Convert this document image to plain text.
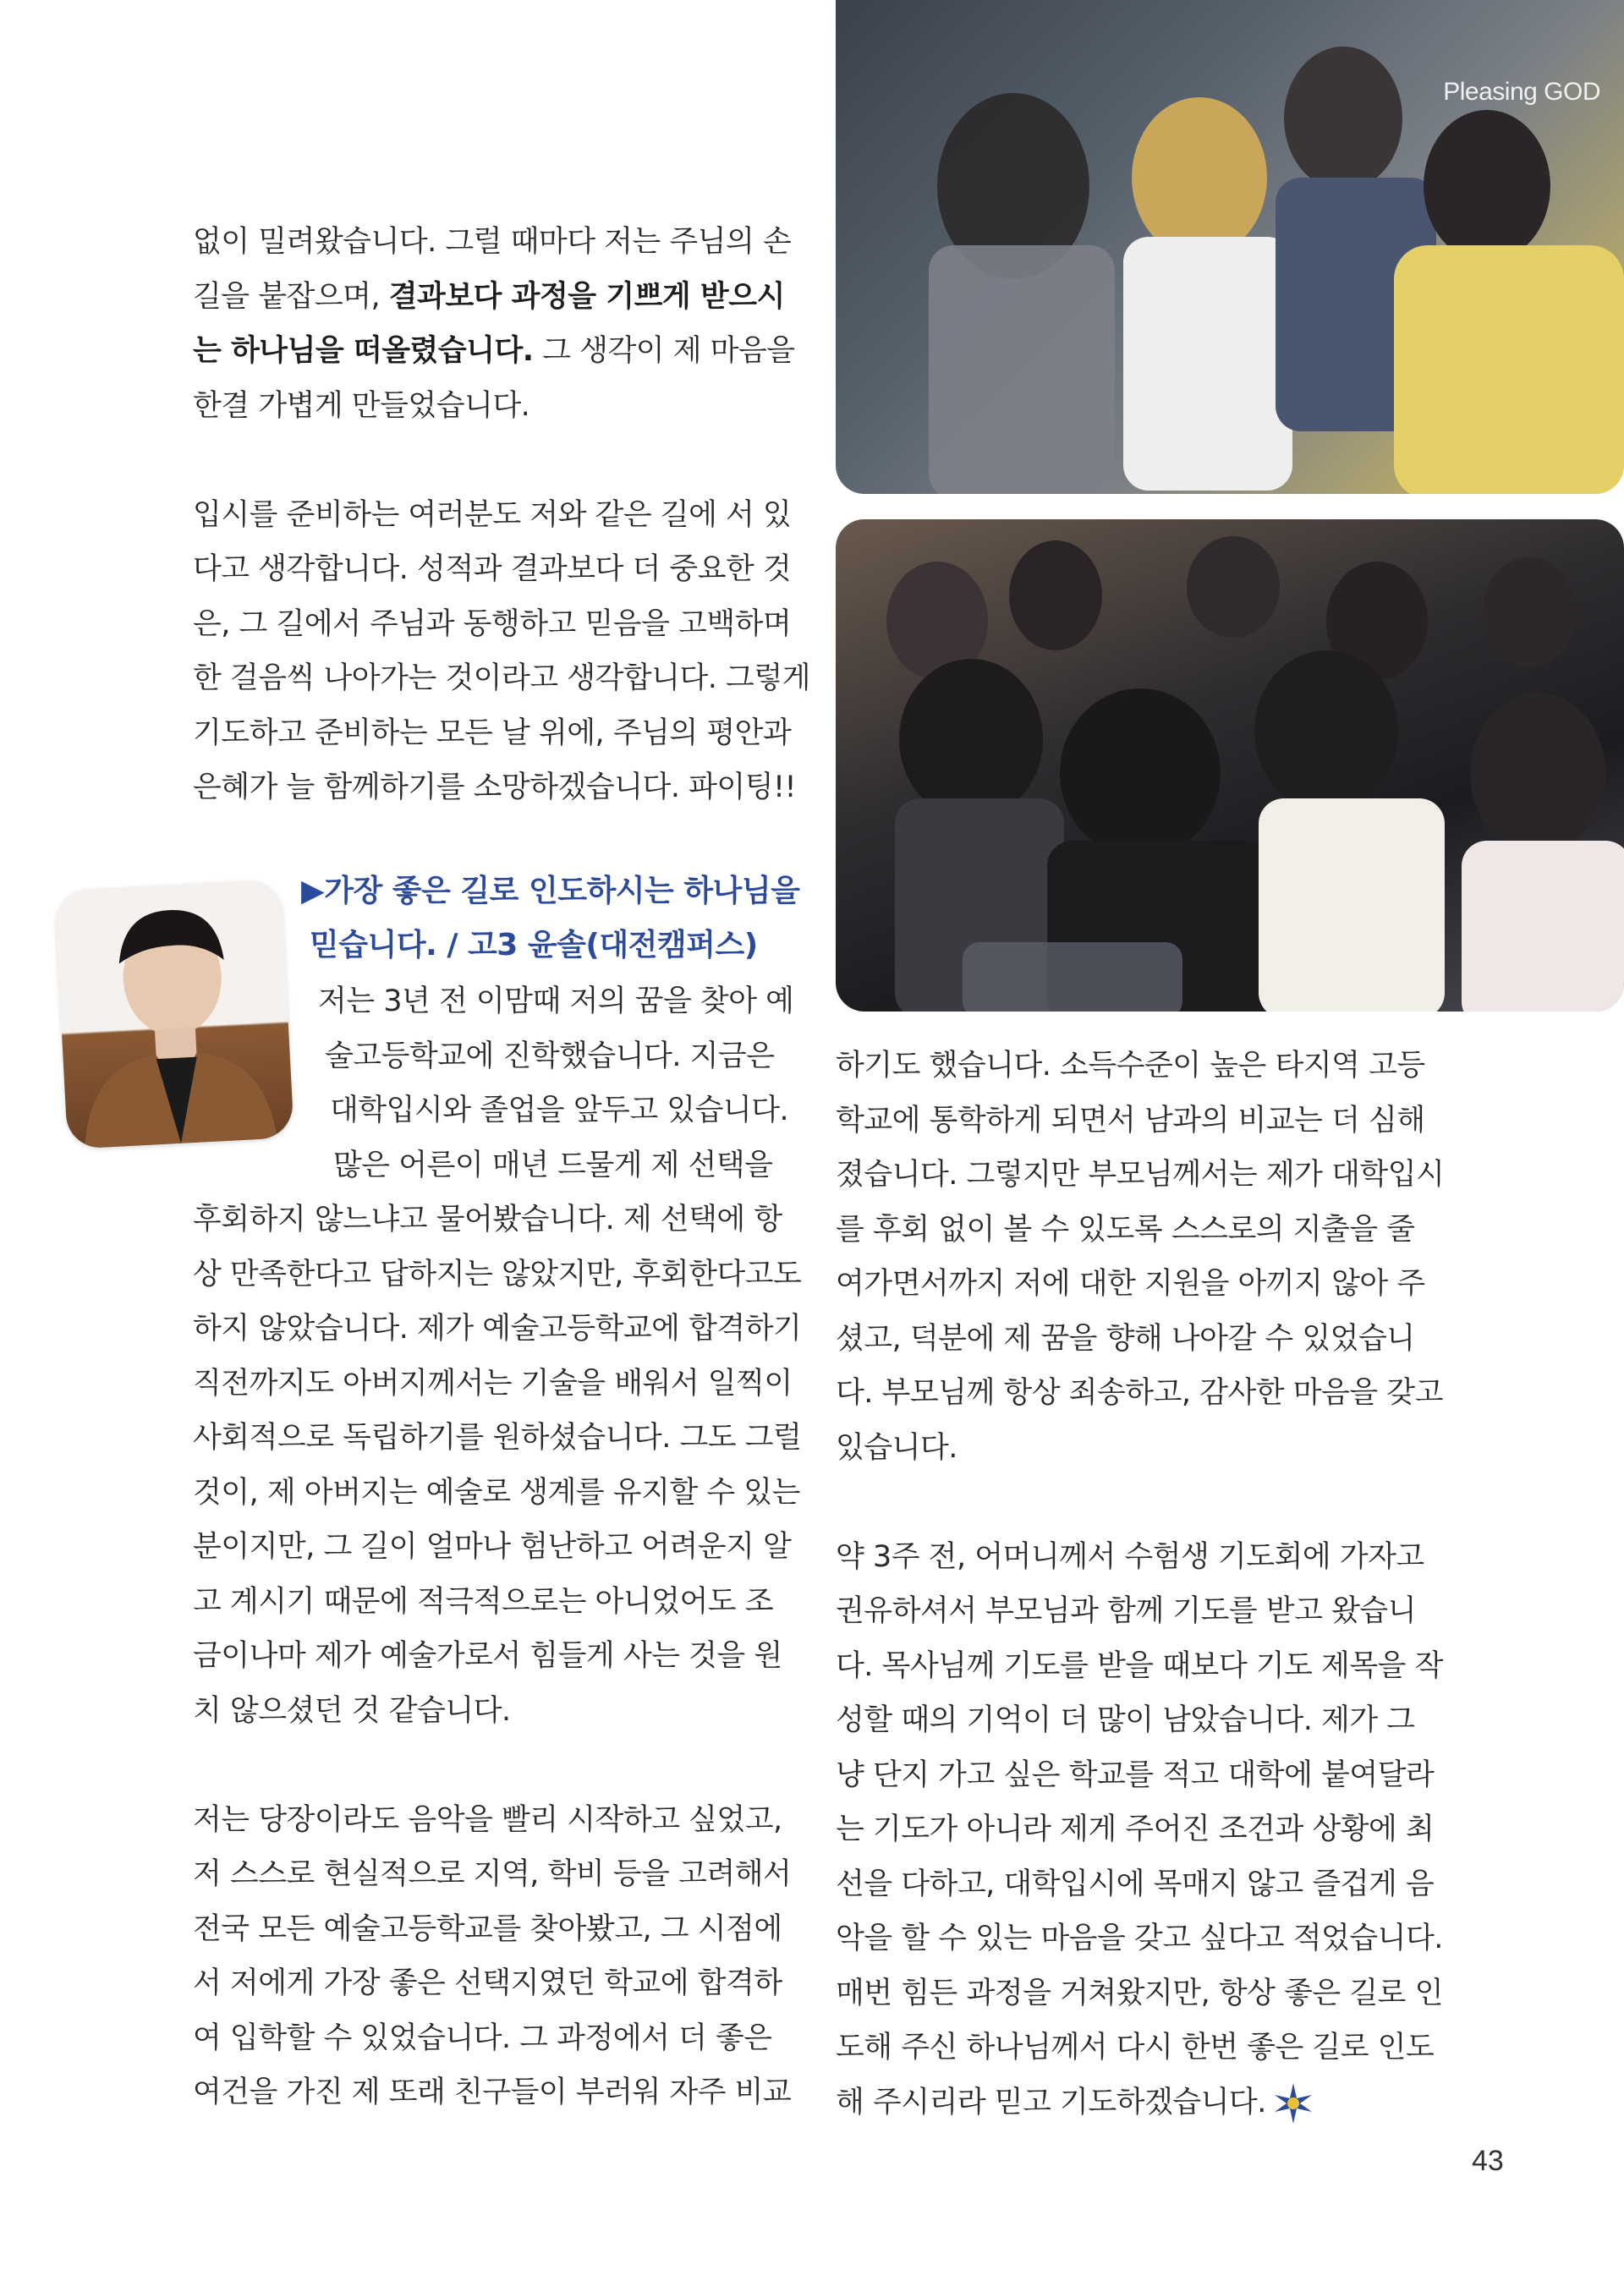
Pleasing GOD

없이 밀려왔습니다. 그럴 때마다 저는 주님의 손

길을 붙잡으며, 결과보다 과정을 기쁘게 받으시

는 하나님을 떠올렸습니다. 그 생각이 제 마음을

한결 가볍게 만들었습니다.

입시를 준비하는 여러분도 저와 같은 길에 서 있

다고 생각합니다. 성적과 결과보다 더 중요한 것

은, 그 길에서 주님과 동행하고 믿음을 고백하며

한 걸음씩 나아가는 것이라고 생각합니다. 그렇게

기도하고 준비하는 모든 날 위에, 주님의 평안과

은혜가 늘 함께하기를 소망하겠습니다. 파이팅!!

▶가장 좋은 길로 인도하시는 하나님을
믿습니다. / 고3 윤솔(대전캠퍼스)

저는 3년 전 이맘때 저의 꿈을 찾아 예

술고등학교에 진학했습니다. 지금은

대학입시와 졸업을 앞두고 있습니다.

많은 어른이 매년 드물게 제 선택을

후회하지 않느냐고 물어봤습니다. 제 선택에 항

상 만족한다고 답하지는 않았지만, 후회한다고도

하지 않았습니다. 제가 예술고등학교에 합격하기

직전까지도 아버지께서는 기술을 배워서 일찍이

사회적으로 독립하기를 원하셨습니다. 그도 그럴

것이, 제 아버지는 예술로 생계를 유지할 수 있는

분이지만, 그 길이 얼마나 험난하고 어려운지 알

고 계시기 때문에 적극적으로는 아니었어도 조

금이나마 제가 예술가로서 힘들게 사는 것을 원

치 않으셨던 것 같습니다.

저는 당장이라도 음악을 빨리 시작하고 싶었고,

저 스스로 현실적으로 지역, 학비 등을 고려해서

전국 모든 예술고등학교를 찾아봤고, 그 시점에

서 저에게 가장 좋은 선택지였던 학교에 합격하

여 입학할 수 있었습니다. 그 과정에서 더 좋은

여건을 가진 제 또래 친구들이 부러워 자주 비교

하기도 했습니다. 소득수준이 높은 타지역 고등

학교에 통학하게 되면서 남과의 비교는 더 심해

졌습니다. 그렇지만 부모님께서는 제가 대학입시

를 후회 없이 볼 수 있도록 스스로의 지출을 줄

여가면서까지 저에 대한 지원을 아끼지 않아 주

셨고, 덕분에 제 꿈을 향해 나아갈 수 있었습니

다. 부모님께 항상 죄송하고, 감사한 마음을 갖고

있습니다.

약 3주 전, 어머니께서 수험생 기도회에 가자고

권유하셔서 부모님과 함께 기도를 받고 왔습니

다. 목사님께 기도를 받을 때보다 기도 제목을 작

성할 때의 기억이 더 많이 남았습니다. 제가 그

냥 단지 가고 싶은 학교를 적고 대학에 붙여달라

는 기도가 아니라 제게 주어진 조건과 상황에 최

선을 다하고, 대학입시에 목매지 않고 즐겁게 음

악을 할 수 있는 마음을 갖고 싶다고 적었습니다.

매번 힘든 과정을 거쳐왔지만, 항상 좋은 길로 인

도해 주신 하나님께서 다시 한번 좋은 길로 인도

해 주시리라 믿고 기도하겠습니다.

43
